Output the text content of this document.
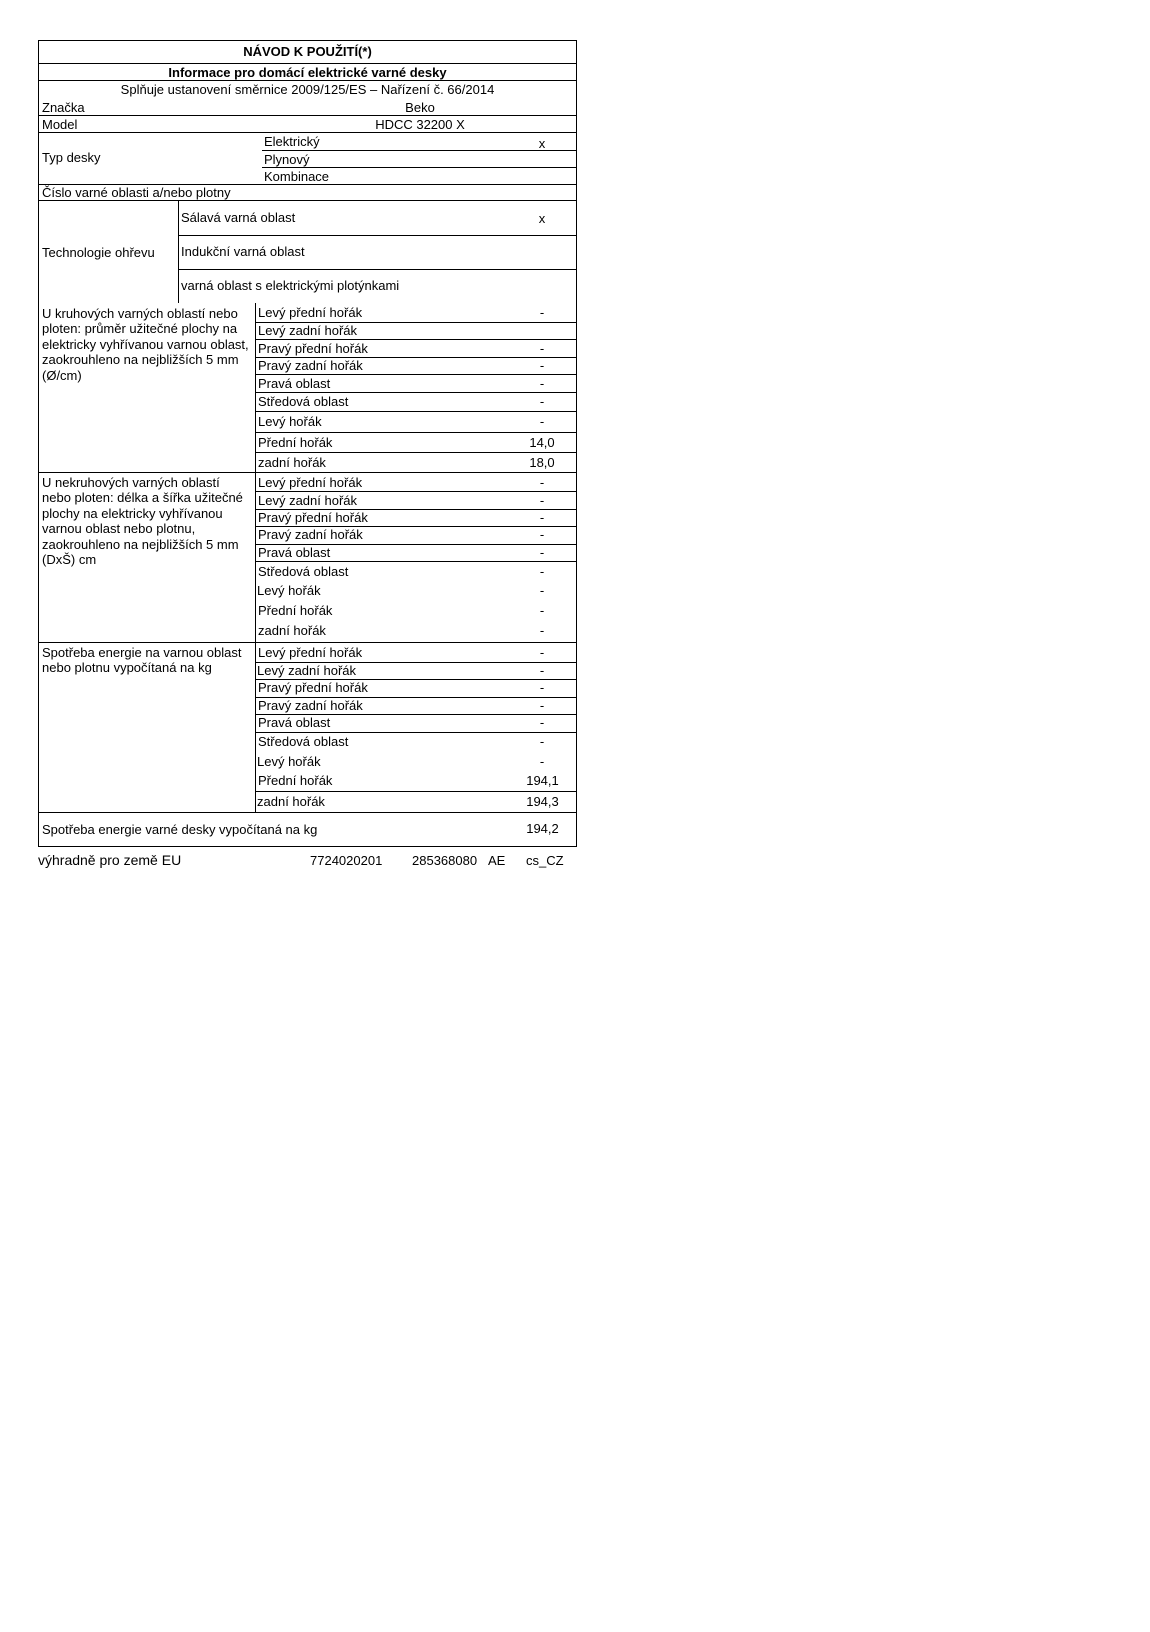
NÁVOD K POUŽITÍ(*)
Informace pro domácí elektrické varné desky
Splňuje ustanovení směrnice 2009/125/ES – Nařízení č. 66/2014
Značka	Beko
Model	HDCC 32200 X
Typ desky
Elektrický	x
Plynový
Kombinace
Číslo varné oblasti a/nebo plotny
Technologie ohřevu
Sálavá varná oblast	x
Indukční varná oblast
varná oblast s elektrickými plotýnkami
U kruhových varných oblastí nebo ploten: průměr užitečné plochy na elektricky vyhřívanou varnou oblast, zaokrouhleno na nejbližších 5 mm (Ø/cm)
Levý přední hořák	-
Levý zadní hořák
Pravý přední hořák	-
Pravý zadní hořák	-
Pravá oblast	-
Středová oblast	-
Levý hořák	-
Přední hořák	14,0
zadní hořák	18,0
U nekruhových varných oblastí nebo ploten: délka a šířka užitečné plochy na elektricky vyhřívanou varnou oblast nebo plotnu, zaokrouhleno na nejbližších 5 mm (DxŠ) cm
Levý přední hořák	-
Levý zadní hořák	-
Pravý přední hořák	-
Pravý zadní hořák	-
Pravá oblast	-
Středová oblast	-
Levý hořák	-
Přední hořák	-
zadní hořák	-
Spotřeba energie na varnou oblast nebo plotnu vypočítaná na kg
Levý přední hořák	-
Levý zadní hořák	-
Pravý přední hořák	-
Pravý zadní hořák	-
Pravá oblast	-
Středová oblast	-
Levý hořák	-
Přední hořák	194,1
zadní hořák	194,3
Spotřeba energie varné desky vypočítaná na kg	194,2
výhradně pro země EU	7724020201 285368080 AE cs_CZ
